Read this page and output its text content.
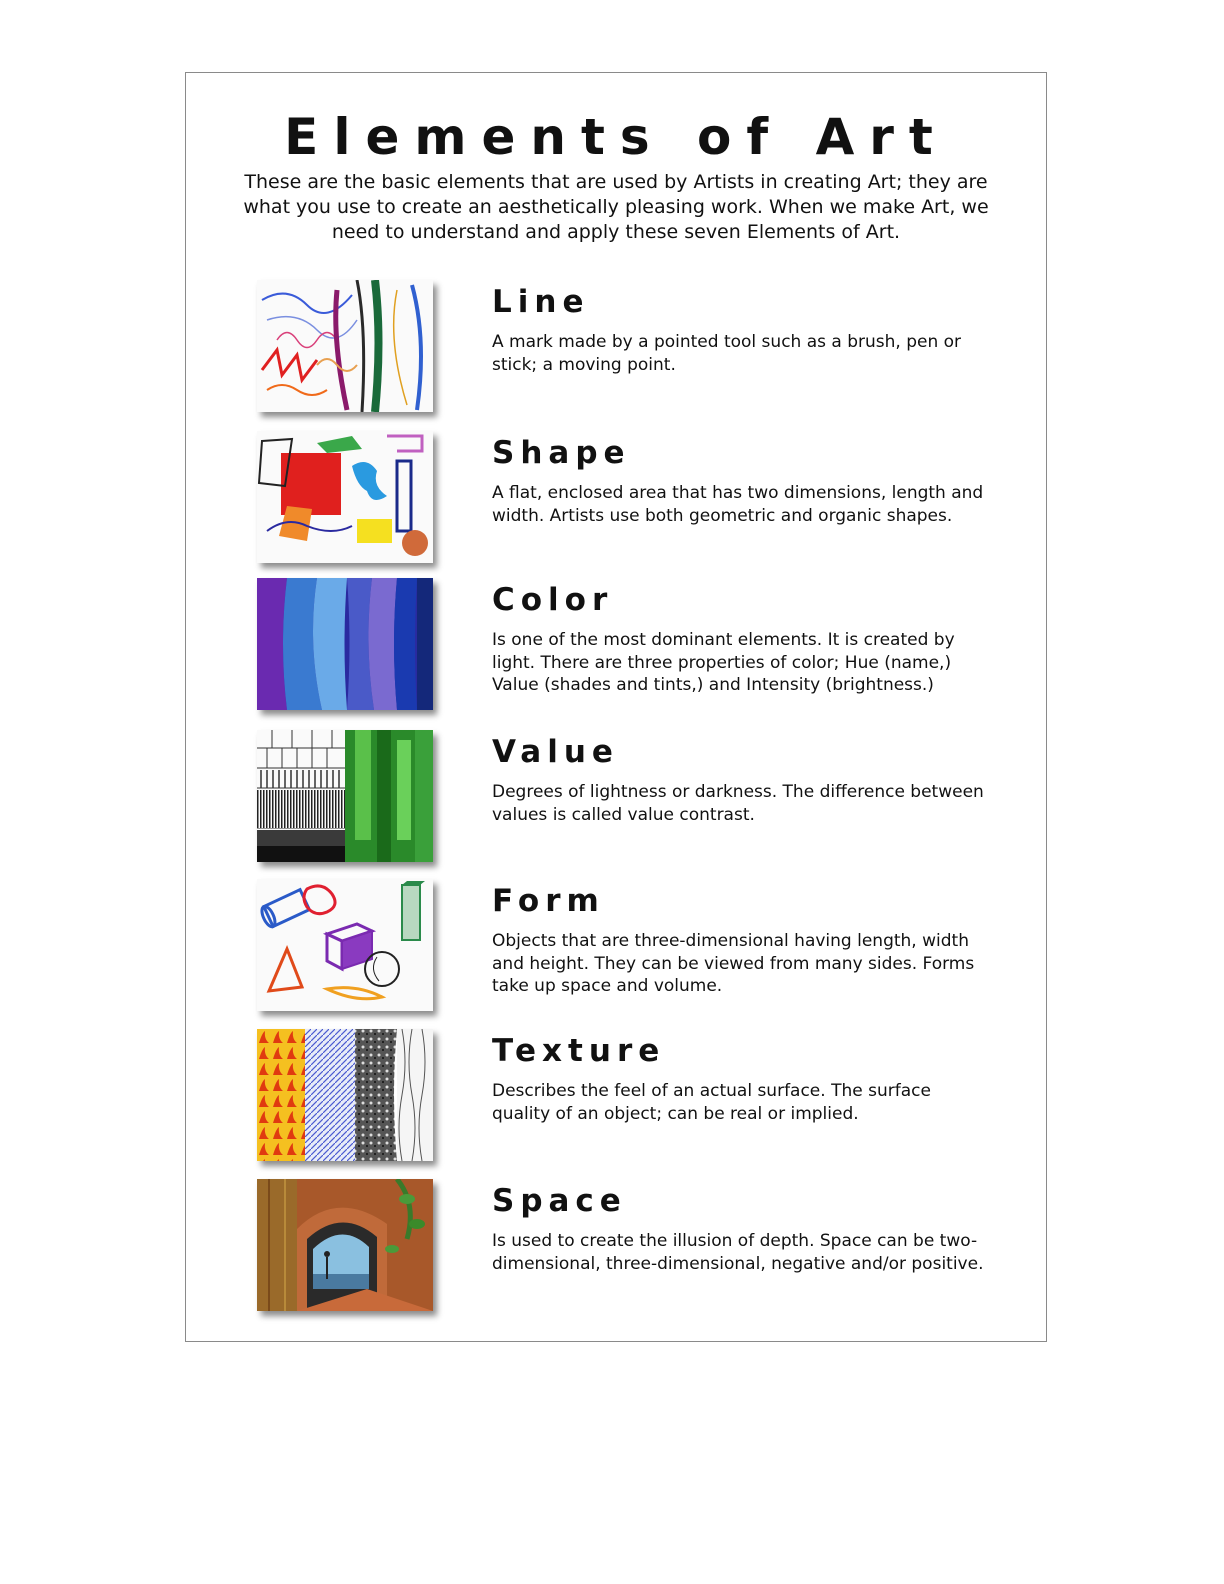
Elements of Art

These are the basic elements that are used by Artists in creating Art; they are what you use to create an aesthetically pleasing work. When we make Art, we need to understand and apply these seven Elements of Art.

Line

A mark made by a pointed tool such as a brush, pen or stick; a moving point.

Shape

A flat, enclosed area that has two dimensions, length and width. Artists use both geometric and organic shapes.

Color

Is one of the most dominant elements. It is created by light. There are three properties of color; Hue (name,) Value (shades and tints,) and Intensity (brightness.)

Value

Degrees of lightness or darkness. The difference between values is called value contrast.

Form

Objects that are three-dimensional having length, width and height. They can be viewed from many sides. Forms take up space and volume.

Texture

Describes the feel of an actual surface. The surface quality of an object; can be real or implied.

Space

Is used to create the illusion of depth. Space can be two-dimensional, three-dimensional, negative and/or positive.
